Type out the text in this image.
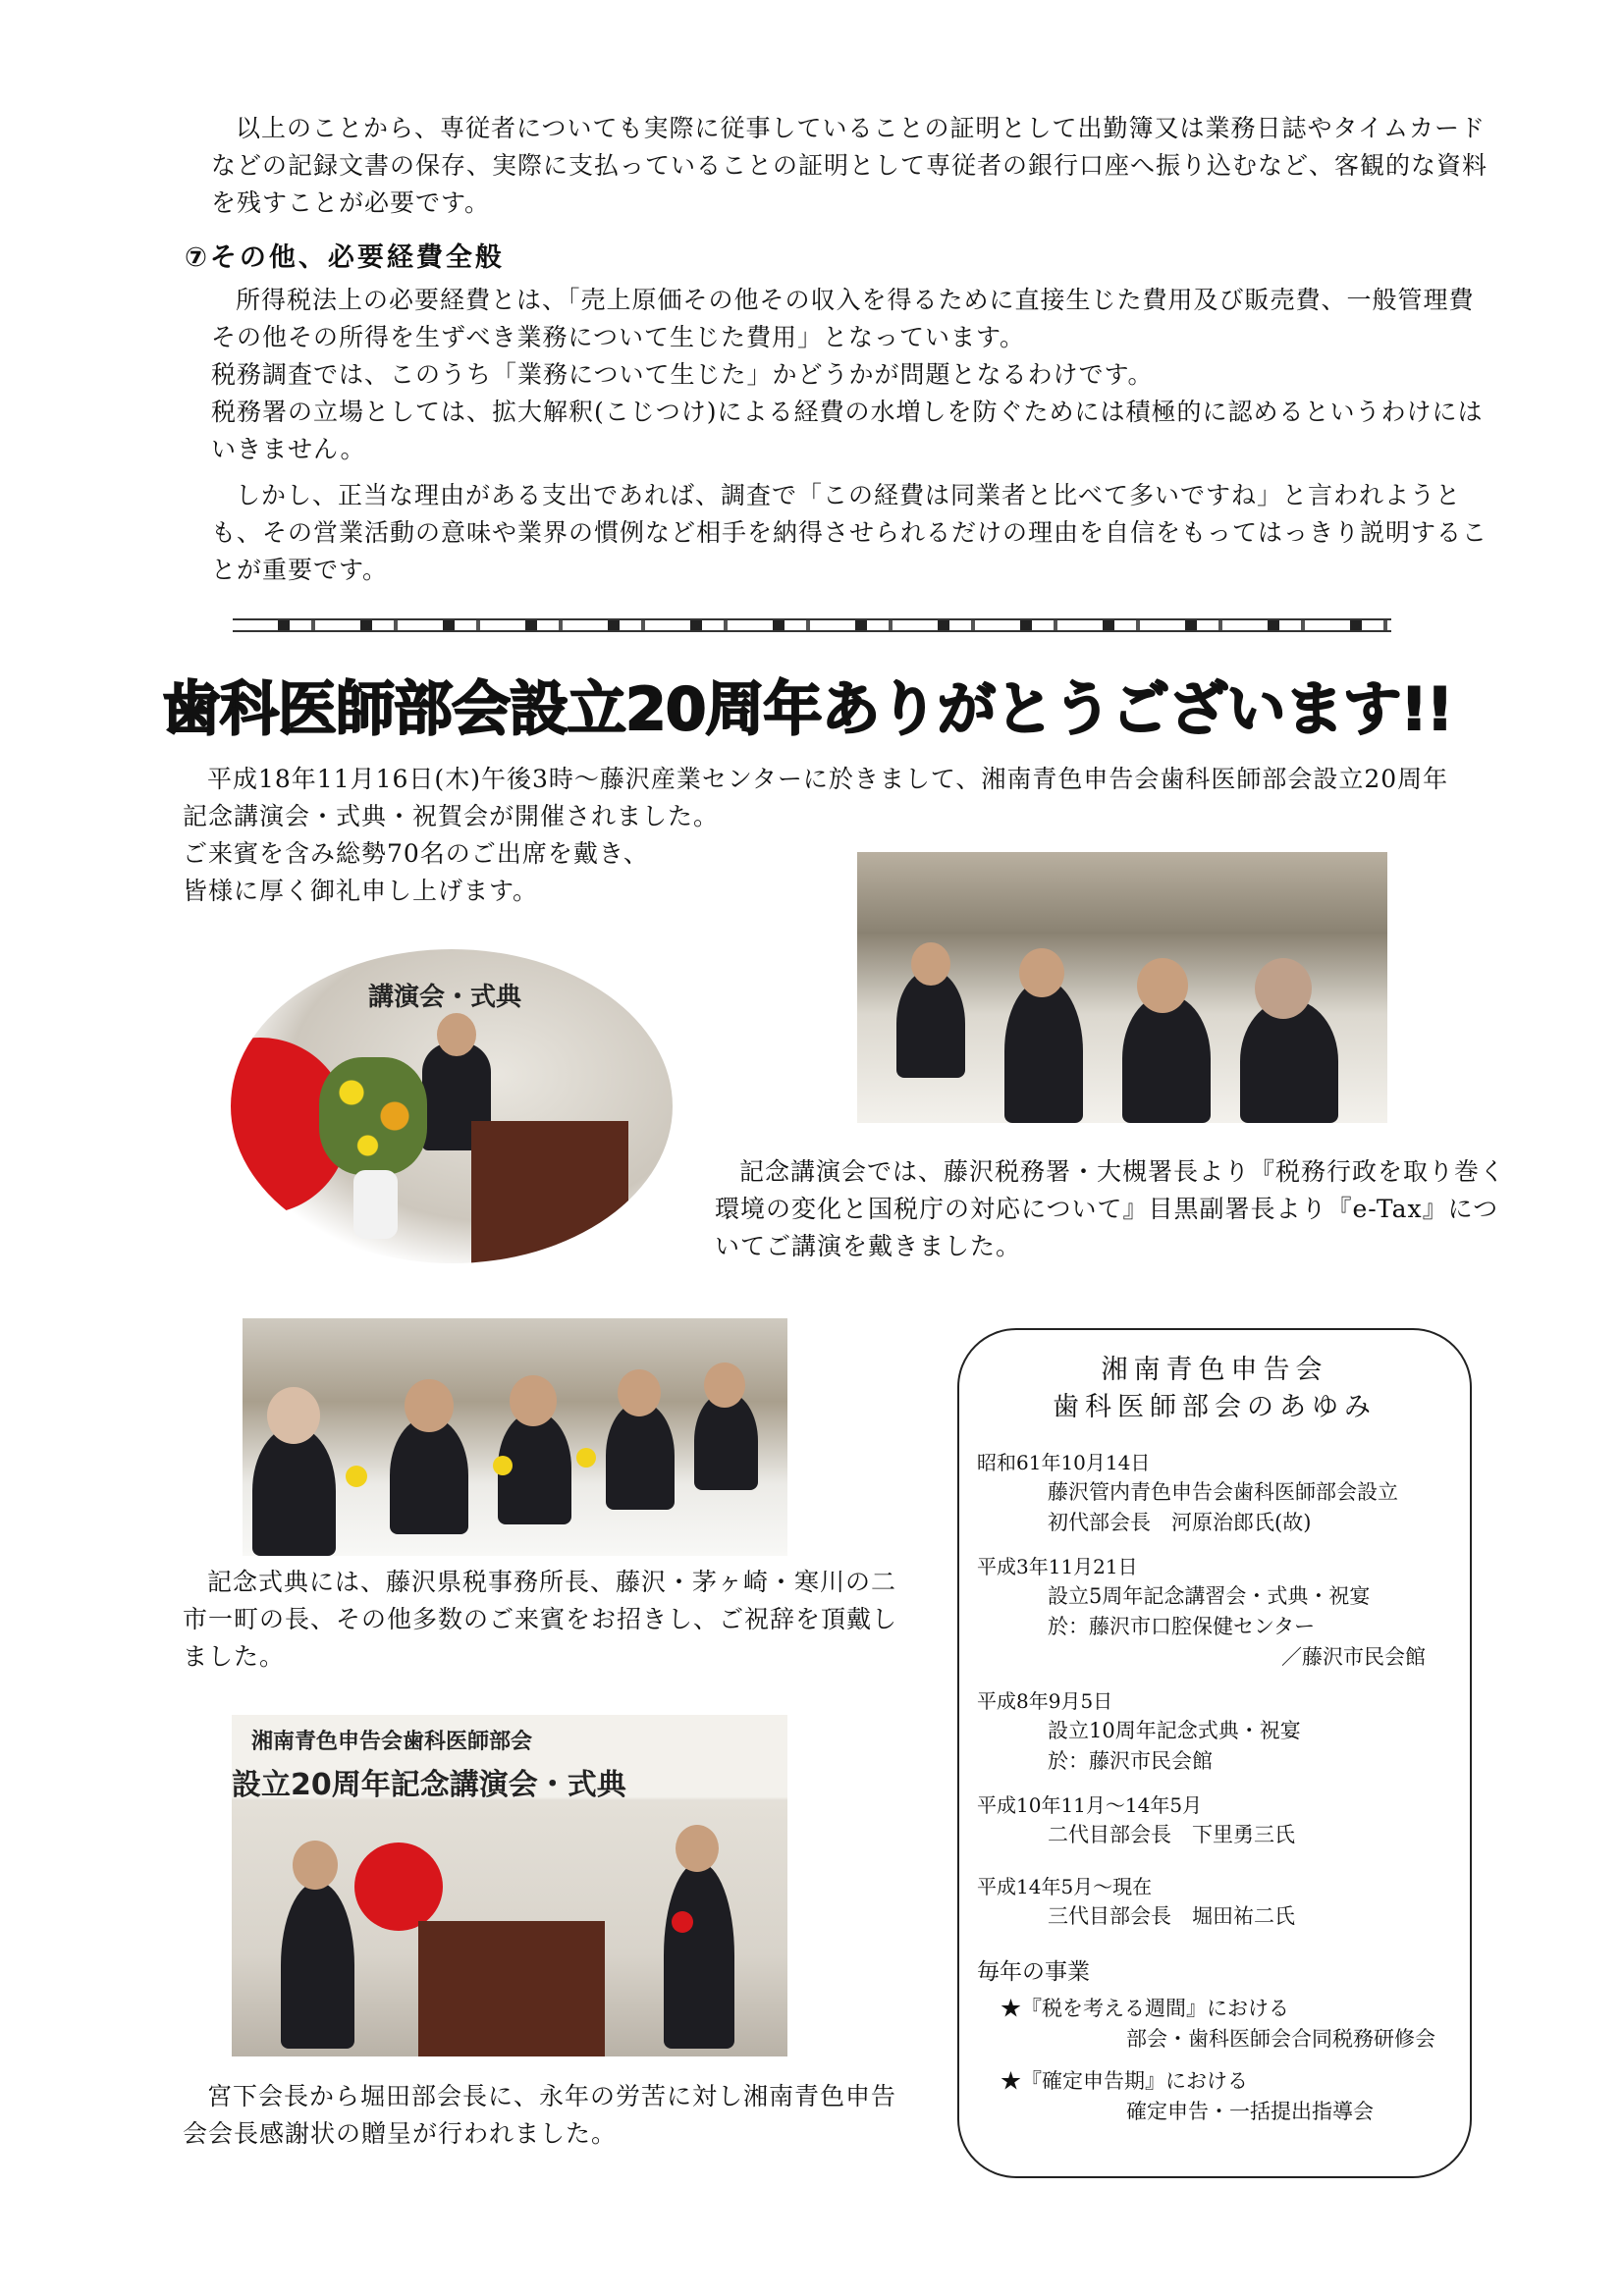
以上のことから、専従者についても実際に従事していることの証明として出勤簿又は業務日誌やタイムカードなどの記録文書の保存、実際に支払っていることの証明として専従者の銀行口座へ振り込むなど、客観的な資料を残すことが必要です。
⑦その他、必要経費全般
所得税法上の必要経費とは、「売上原価その他その収入を得るために直接生じた費用及び販売費、一般管理費その他その所得を生ずべき業務について生じた費用」となっています。
税務調査では、このうち「業務について生じた」かどうかが問題となるわけです。
税務署の立場としては、拡大解釈(こじつけ)による経費の水増しを防ぐためには積極的に認めるというわけにはいきません。
しかし、正当な理由がある支出であれば、調査で「この経費は同業者と比べて多いですね」と言われようとも、その営業活動の意味や業界の慣例など相手を納得させられるだけの理由を自信をもってはっきり説明することが重要です。
歯科医師部会設立20周年ありがとうございます!!
平成18年11月16日(木)午後3時～藤沢産業センターに於きまして、湘南青色申告会歯科医師部会設立20周年記念講演会・式典・祝賀会が開催されました。
ご来賓を含み総勢70名のご出席を戴き、
皆様に厚く御礼申し上げます。
講演会・式典
記念講演会では、藤沢税務署・大槻署長より『税務行政を取り巻く環境の変化と国税庁の対応について』目黒副署長より『e-Tax』についてご講演を戴きました。
記念式典には、藤沢県税事務所長、藤沢・茅ヶ崎・寒川の二市一町の長、その他多数のご来賓をお招きし、ご祝辞を頂戴しました。
湘南青色申告会歯科医師部会
設立20周年記念講演会・式典
宮下会長から堀田部会長に、永年の労苦に対し湘南青色申告会会長感謝状の贈呈が行われました。
湘南青色申告会
歯科医師部会のあゆみ
昭和61年10月14日
藤沢管内青色申告会歯科医師部会設立
初代部会長　河原治郎氏(故)
平成3年11月21日
設立5周年記念講習会・式典・祝宴
於：藤沢市口腔保健センター
／藤沢市民会館
平成8年9月5日
設立10周年記念式典・祝宴
於：藤沢市民会館
平成10年11月～14年5月
二代目部会長　下里勇三氏
平成14年5月～現在
三代目部会長　堀田祐二氏
毎年の事業
★『税を考える週間』における
部会・歯科医師会合同税務研修会
★『確定申告期』における
確定申告・一括提出指導会
